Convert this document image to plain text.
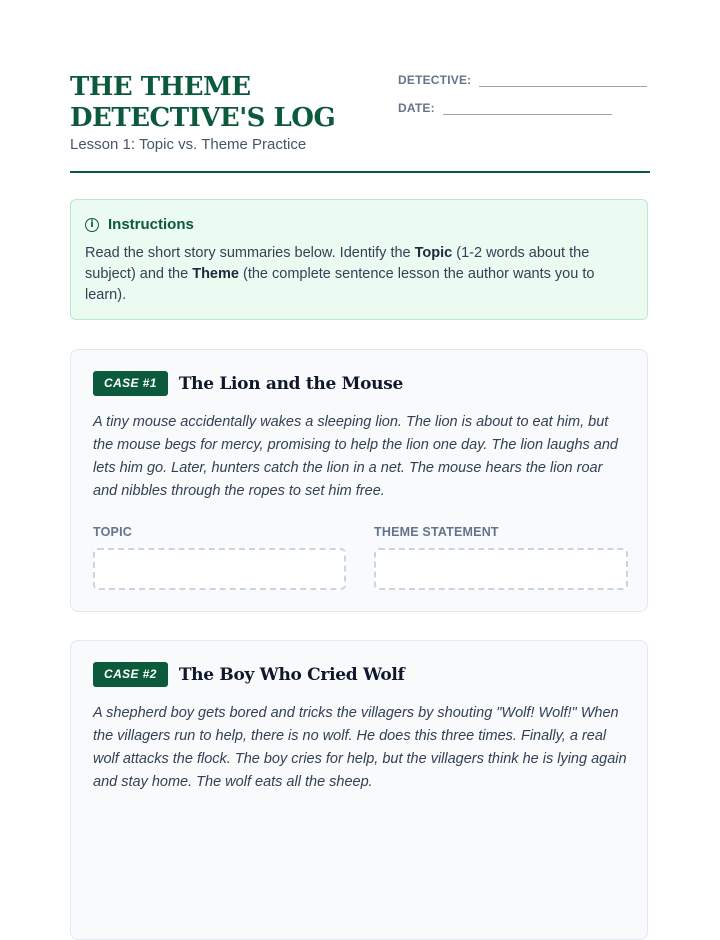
THE THEME DETECTIVE'S LOG
Lesson 1: Topic vs. Theme Practice
DETECTIVE:
DATE:
i Instructions
Read the short story summaries below. Identify the Topic (1-2 words about the subject) and the Theme (the complete sentence lesson the author wants you to learn).
CASE #1	The Lion and the Mouse
A tiny mouse accidentally wakes a sleeping lion. The lion is about to eat him, but the mouse begs for mercy, promising to help the lion one day. The lion laughs and lets him go. Later, hunters catch the lion in a net. The mouse hears the lion roar and nibbles through the ropes to set him free.
TOPIC	THEME STATEMENT
CASE #2	The Boy Who Cried Wolf
A shepherd boy gets bored and tricks the villagers by shouting "Wolf! Wolf!" When the villagers run to help, there is no wolf. He does this three times. Finally, a real wolf attacks the flock. The boy cries for help, but the villagers think he is lying again and stay home. The wolf eats all the sheep.
